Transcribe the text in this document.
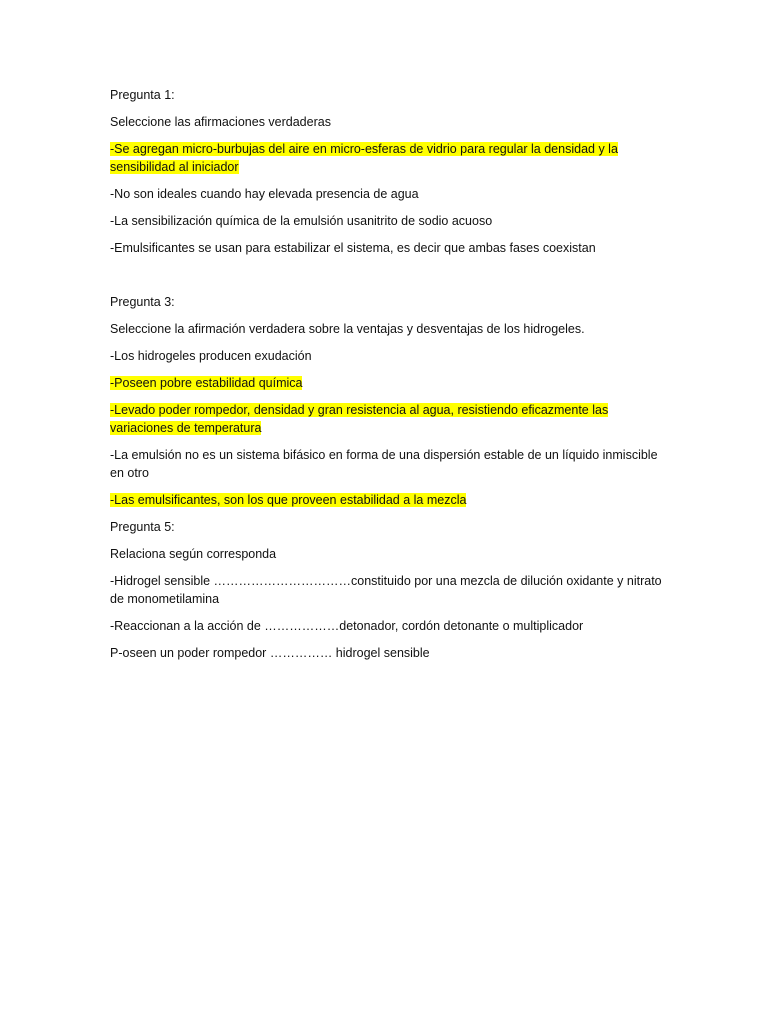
Pregunta 1:
Seleccione las afirmaciones verdaderas
-Se agregan micro-burbujas del aire en micro-esferas de vidrio para regular la densidad y la sensibilidad al iniciador
-No son ideales cuando hay elevada presencia de agua
-La sensibilización química de la emulsión usanitrito de sodio acuoso
-Emulsificantes se usan para estabilizar el sistema, es decir que ambas fases coexistan
Pregunta 3:
Seleccione la afirmación verdadera sobre la ventajas y desventajas de los hidrogeles.
-Los hidrogeles producen exudación
-Poseen pobre estabilidad química
-Levado poder rompedor, densidad y gran resistencia al agua, resistiendo eficazmente las variaciones de temperatura
-La emulsión no es un sistema bifásico en forma de una dispersión estable de un líquido inmiscible en otro
-Las emulsificantes, son los que proveen estabilidad a la mezcla
Pregunta 5:
Relaciona según corresponda
-Hidrogel sensible ……………………………constituido por una mezcla de dilución oxidante y nitrato de monometilamina
-Reaccionan a la acción de ………………detonador, cordón detonante o multiplicador
P-oseen un poder rompedor …………… hidrogel sensible
